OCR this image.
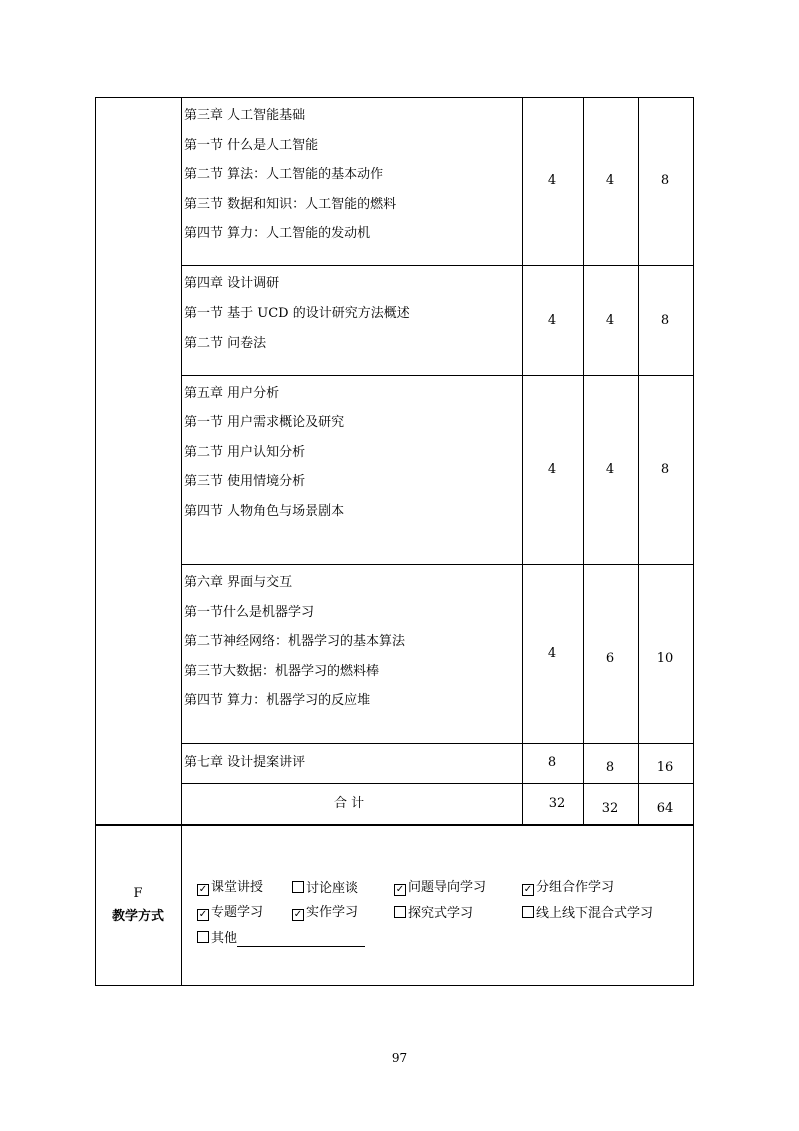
第三章 人工智能基础
第一节 什么是人工智能
第二节 算法：人工智能的基本动作
第三节 数据和知识：人工智能的燃料
第四节 算力：人工智能的发动机
4	4	8
第四章 设计调研
第一节 基于 UCD 的设计研究方法概述
第二节 问卷法
4	4	8
第五章 用户分析
第一节 用户需求概论及研究
第二节 用户认知分析
第三节 使用情境分析
第四节 人物角色与场景剧本
4	4	8
第六章 界面与交互
第一节什么是机器学习
第二节神经网络：机器学习的基本算法
第三节大数据：机器学习的燃料棒
第四节 算力：机器学习的反应堆
4	6	10
第七章 设计提案讲评	8	8	16
合 计	32	32	64
F
教学方式
✓ 课堂讲授	讨论座谈	✓ 问题导向学习	✓ 分组合作学习
✓ 专题学习	✓ 实作学习	探究式学习	线上线下混合式学习
其他
97
